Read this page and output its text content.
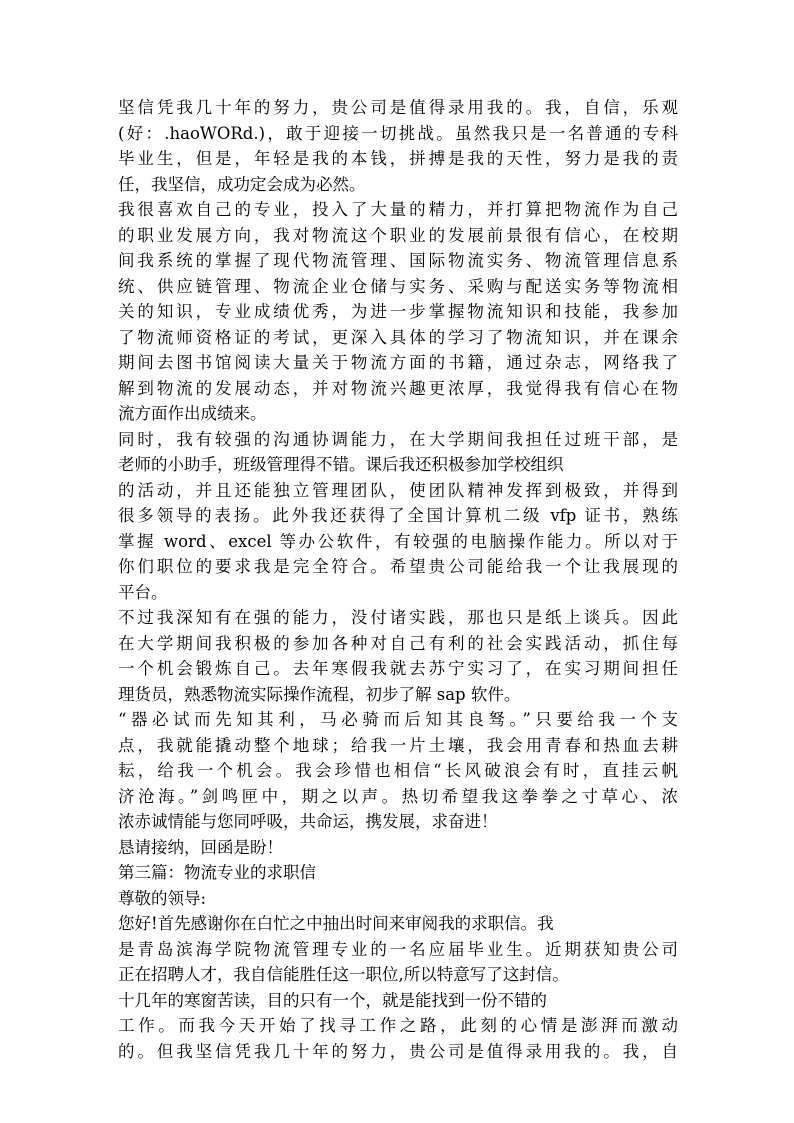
坚信凭我几十年的努力，贵公司是值得录用我的。我，自信，乐观
(好：.haoWORd.)，敢于迎接一切挑战。虽然我只是一名普通的专科
毕业生，但是，年轻是我的本钱，拼搏是我的天性，努力是我的责
任，我坚信，成功定会成为必然。
我很喜欢自己的专业，投入了大量的精力，并打算把物流作为自己
的职业发展方向，我对物流这个职业的发展前景很有信心，在校期
间我系统的掌握了现代物流管理、国际物流实务、物流管理信息系
统、供应链管理、物流企业仓储与实务、采购与配送实务等物流相
关的知识，专业成绩优秀，为进一步掌握物流知识和技能，我参加
了物流师资格证的考试，更深入具体的学习了物流知识，并在课余
期间去图书馆阅读大量关于物流方面的书籍，通过杂志，网络我了
解到物流的发展动态，并对物流兴趣更浓厚，我觉得我有信心在物
流方面作出成绩来。
同时，我有较强的沟通协调能力，在大学期间我担任过班干部，是
老师的小助手，班级管理得不错。课后我还积极参加学校组织
的活动，并且还能独立管理团队，使团队精神发挥到极致，并得到
很多领导的表扬。此外我还获得了全国计算机二级 vfp 证书，熟练
掌握 word、excel 等办公软件，有较强的电脑操作能力。所以对于
你们职位的要求我是完全符合。希望贵公司能给我一个让我展现的
平台。
不过我深知有在强的能力，没付诸实践，那也只是纸上谈兵。因此
在大学期间我积极的参加各种对自己有利的社会实践活动，抓住每
一个机会锻炼自己。去年寒假我就去苏宁实习了，在实习期间担任
理货员，熟悉物流实际操作流程，初步了解 sap 软件。
“器必试而先知其利，马必骑而后知其良驽。”只要给我一个支
点，我就能撬动整个地球；给我一片土壤，我会用青春和热血去耕
耘，给我一个机会。我会珍惜也相信“长风破浪会有时，直挂云帆
济沧海。”剑鸣匣中，期之以声。热切希望我这拳拳之寸草心、浓
浓赤诚情能与您同呼吸，共命运，携发展，求奋进！
恳请接纳，回函是盼！
第三篇：物流专业的求职信
尊敬的领导:
您好!首先感谢你在白忙之中抽出时间来审阅我的求职信。我
是青岛滨海学院物流管理专业的一名应届毕业生。近期获知贵公司
正在招聘人才，我自信能胜任这一职位,所以特意写了这封信。
十几年的寒窗苦读，目的只有一个，就是能找到一份不错的
工作。而我今天开始了找寻工作之路，此刻的心情是澎湃而激动
的。但我坚信凭我几十年的努力，贵公司是值得录用我的。我，自
